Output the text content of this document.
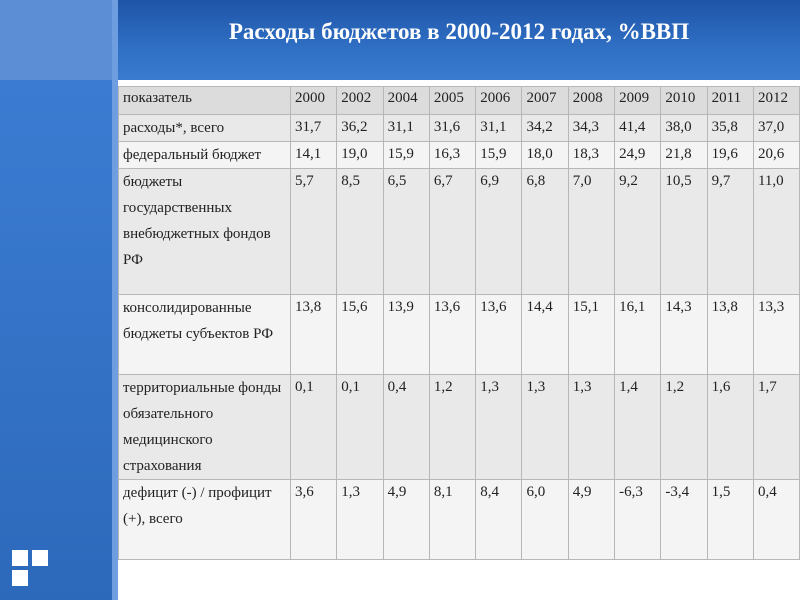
Расходы бюджетов в 2000-2012 годах, %ВВП
показатель	2000	2002	2004	2005	2006	2007	2008	2009	2010	2011	2012
расходы*, всего	31,7	36,2	31,1	31,6	31,1	34,2	34,3	41,4	38,0	35,8	37,0
федеральный бюджет	14,1	19,0	15,9	16,3	15,9	18,0	18,3	24,9	21,8	19,6	20,6
бюджеты государственных внебюджетных фондов РФ	5,7	8,5	6,5	6,7	6,9	6,8	7,0	9,2	10,5	9,7	11,0
консолидированные бюджеты субъектов РФ	13,8	15,6	13,9	13,6	13,6	14,4	15,1	16,1	14,3	13,8	13,3
территориальные фонды обязательного медицинского страхования	0,1	0,1	0,4	1,2	1,3	1,3	1,3	1,4	1,2	1,6	1,7
дефицит (-) / профицит (+), всего	3,6	1,3	4,9	8,1	8,4	6,0	4,9	-6,3	-3,4	1,5	0,4
